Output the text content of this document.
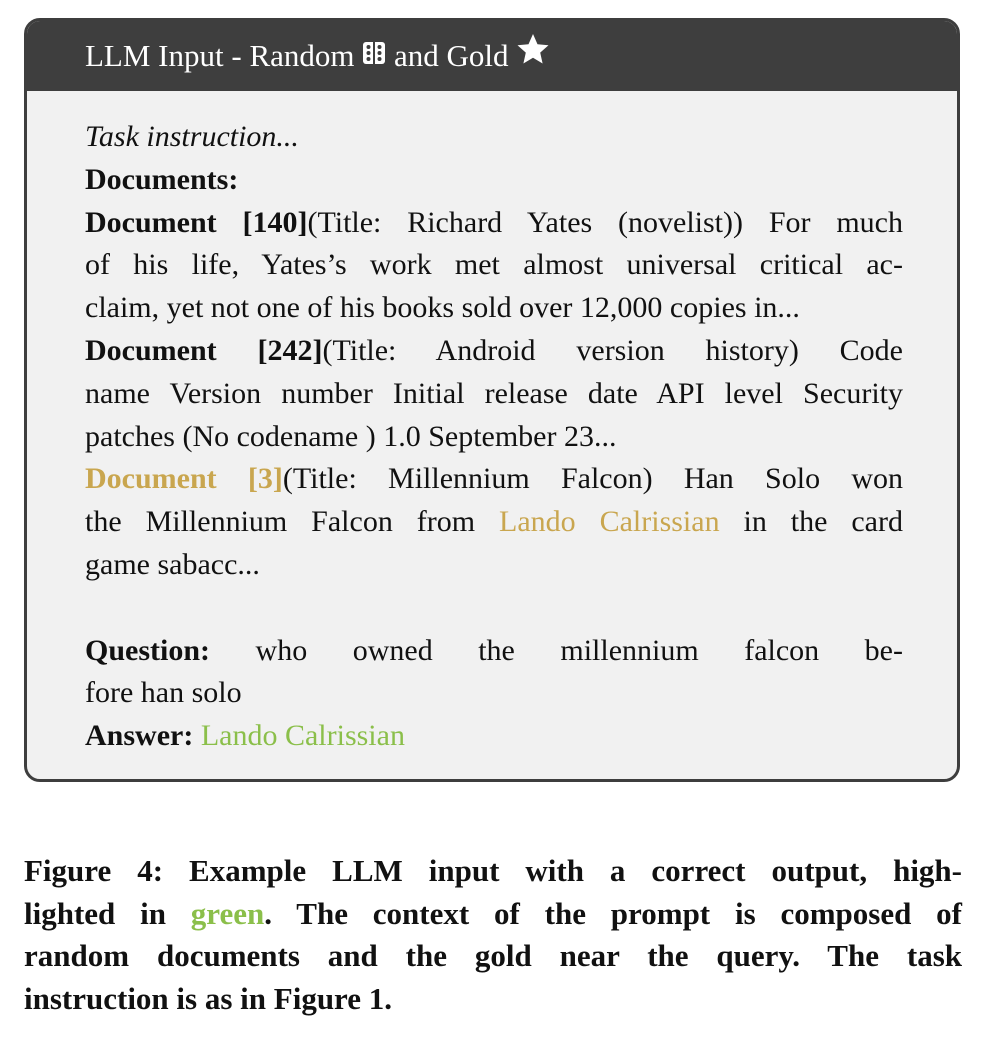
LLM Input - Random and Gold
Task instruction...
Documents:
Document [140](Title: Richard Yates (novelist)) For much
of his life, Yates’s work met almost universal critical ac-
claim, yet not one of his books sold over 12,000 copies in...
Document [242](Title: Android version history) Code
name Version number Initial release date API level Security
patches (No codename ) 1.0 September 23...
Document [3](Title: Millennium Falcon) Han Solo won
the Millennium Falcon from Lando Calrissian in the card
game sabacc...
Question: who owned the millennium falcon be-
fore han solo
Answer: Lando Calrissian
Figure 4: Example LLM input with a correct output, high-
lighted in green. The context of the prompt is composed of
random documents and the gold near the query. The task
instruction is as in Figure 1.
